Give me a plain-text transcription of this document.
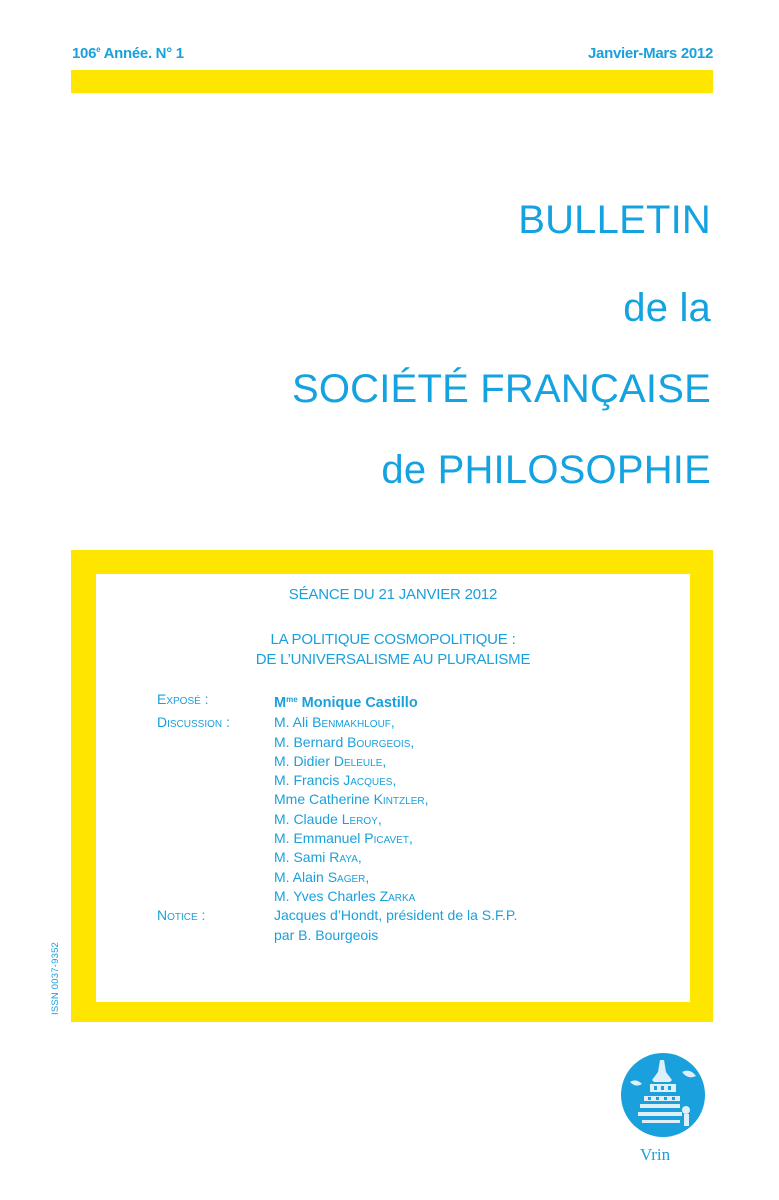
106e Année. N° 1	Janvier-Mars 2012
BULLETIN
de la
SOCIÉTÉ FRANÇAISE
de PHILOSOPHIE
SÉANCE DU 21 JANVIER 2012
LA POLITIQUE COSMOPOLITIQUE :
DE L’UNIVERSALISME AU PLURALISME
Exposé :	$M^{me}$ Monique Castillo
Discussion :	M. Ali Benmakhlouf,
M. Bernard Bourgeois,
M. Didier Deleule,
M. Francis Jacques,
Mme Catherine Kintzler,
M. Claude Leroy,
M. Emmanuel Picavet,
M. Sami Raya,
M. Alain Sager,
M. Yves Charles Zarka
Notice :	Jacques d’Hondt, président de la S.F.P.
par B. Bourgeois
ISSN 0037-9352
Vrin
